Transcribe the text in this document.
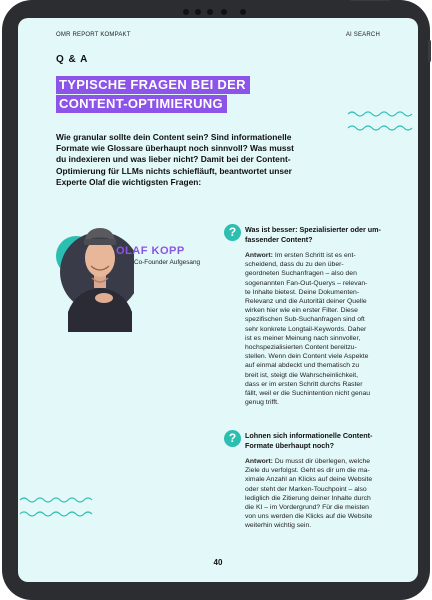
OMR REPORT KOMPAKT	AI SEARCH
Q & A
TYPISCHE FRAGEN BEI DER
CONTENT-OPTIMIERUNG
Wie granular sollte dein Content sein? Sind informationelle
Formate wie Glossare überhaupt noch sinnvoll? Was musst
du indexieren und was lieber nicht? Damit bei der Content-
Optimierung für LLMs nichts schiefläuft, beantwortet unser
Experte Olaf die wichtigsten Fragen:
OLAF KOPP
Co-Founder Aufgesang
?	Was ist besser: Spezialisierter oder um-
fassender Content?
Antwort: Im ersten Schritt ist es ent-
scheidend, dass du zu den über-
geordneten Suchanfragen – also den
sogenannten Fan-Out-Querys – relevan-
te Inhalte bietest. Deine Dokumenten-
Relevanz und die Autorität deiner Quelle
wirken hier wie ein erster Filter. Diese
spezifischen Sub-Suchanfragen sind oft
sehr konkrete Longtail-Keywords. Daher
ist es meiner Meinung nach sinnvoller,
hochspezialisierten Content bereitzu-
stellen. Wenn dein Content viele Aspekte
auf einmal abdeckt und thematisch zu
breit ist, steigt die Wahrscheinlichkeit,
dass er im ersten Schritt durchs Raster
fällt, weil er die Suchintention nicht genau
genug trifft.
?	Lohnen sich informationelle Content-
Formate überhaupt noch?
Antwort: Du musst dir überlegen, welche
Ziele du verfolgst. Geht es dir um die ma-
ximale Anzahl an Klicks auf deine Website
oder steht der Marken-Touchpoint – also
lediglich die Zitierung deiner Inhalte durch
die KI – im Vordergrund? Für die meisten
von uns werden die Klicks auf die Website
weiterhin wichtig sein.
40
